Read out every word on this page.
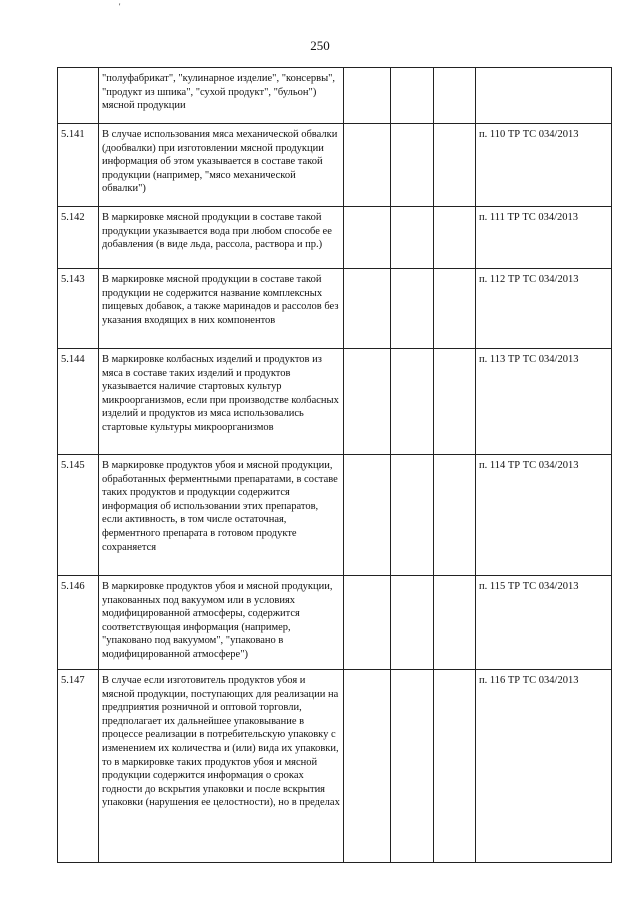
'
250
	"полуфабрикат", "кулинарное изделие", "консервы", "продукт из шпика", "сухой продукт", "бульон") мясной продукции				
5.141	В случае использования мяса механической обвалки (дообвалки) при изготовлении мясной продукции информация об этом указывается в составе такой продукции (например, "мясо механической обвалки")				п. 110 ТР ТС 034/2013
5.142	В маркировке мясной продукции в составе такой продукции указывается вода при любом способе ее добавления (в виде льда, рассола, раствора и пр.)				п. 111 ТР ТС 034/2013
5.143	В маркировке мясной продукции в составе такой продукции не содержится название комплексных пищевых добавок, а также маринадов и рассолов без указания входящих в них компонентов				п. 112 ТР ТС 034/2013
5.144	В маркировке колбасных изделий и продуктов из мяса в составе таких изделий и продуктов указывается наличие стартовых культур микроорганизмов, если при производстве колбасных изделий и продуктов из мяса использовались стартовые культуры микроорганизмов				п. 113 ТР ТС 034/2013
5.145	В маркировке продуктов убоя и мясной продукции, обработанных ферментными препаратами, в составе таких продуктов и продукции содержится информация об использовании этих препаратов, если активность, в том числе остаточная, ферментного препарата в готовом продукте сохраняется				п. 114 ТР ТС 034/2013
5.146	В маркировке продуктов убоя и мясной продукции, упакованных под вакуумом или в условиях модифицированной атмосферы, содержится соответствующая информация (например, "упаковано под вакуумом", "упаковано в модифицированной атмосфере")				п. 115 ТР ТС 034/2013
5.147	В случае если изготовитель продуктов убоя и мясной продукции, поступающих для реализации на предприятия розничной и оптовой торговли, предполагает их дальнейшее упаковывание в процессе реализации в потребительскую упаковку с изменением их количества и (или) вида их упаковки, то в маркировке таких продуктов убоя и мясной продукции содержится информация о сроках годности до вскрытия упаковки и после вскрытия упаковки (нарушения ее целостности), но в пределах				п. 116 ТР ТС 034/2013
